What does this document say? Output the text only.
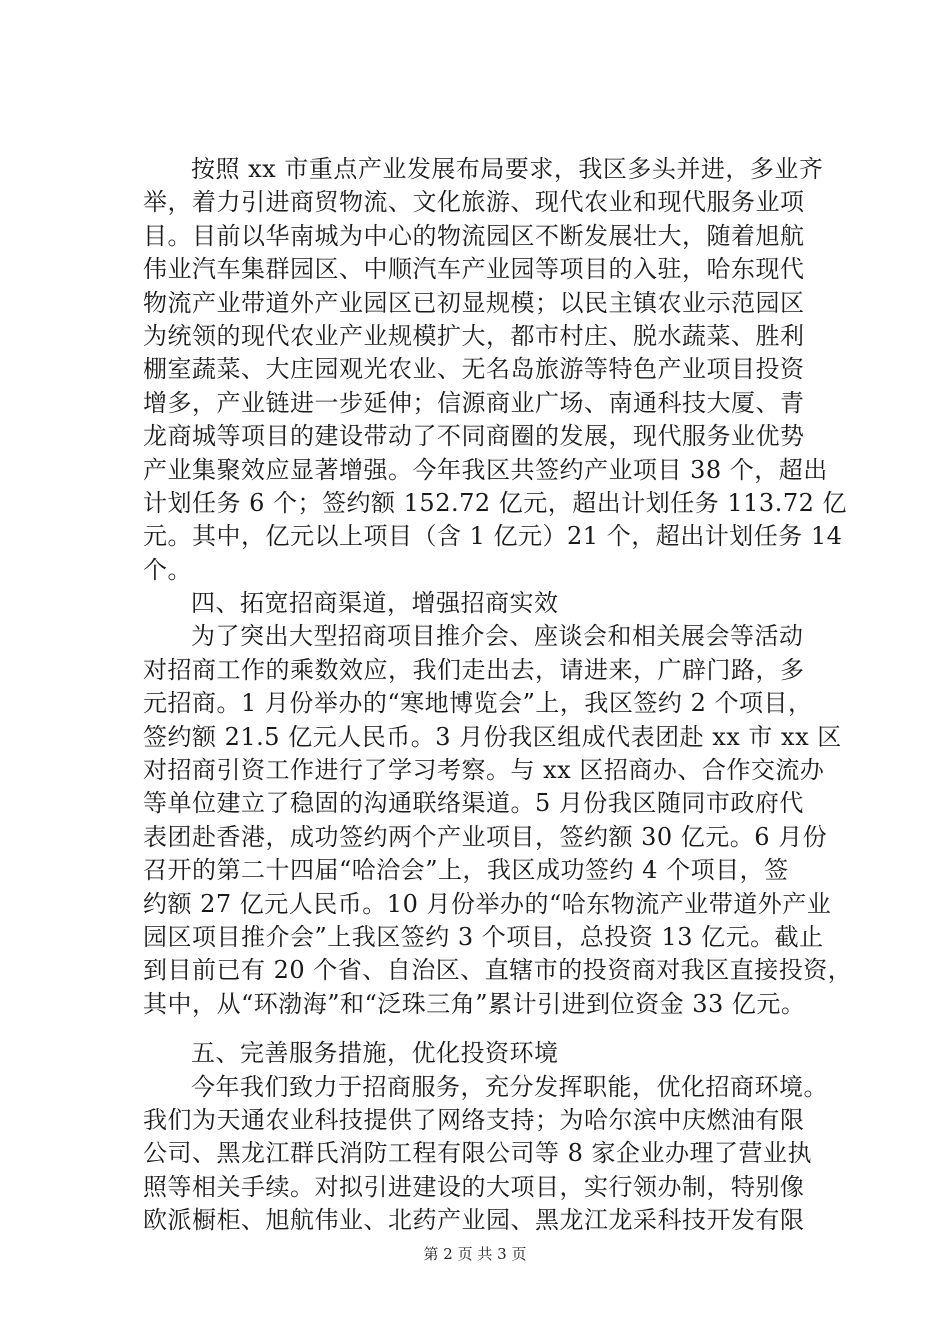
按照 xx 市重点产业发展布局要求，我区多头并进，多业齐
举，着力引进商贸物流、文化旅游、现代农业和现代服务业项
目。目前以华南城为中心的物流园区不断发展壮大，随着旭航
伟业汽车集群园区、中顺汽车产业园等项目的入驻，哈东现代
物流产业带道外产业园区已初显规模；以民主镇农业示范园区
为统领的现代农业产业规模扩大，都市村庄、脱水蔬菜、胜利
棚室蔬菜、大庄园观光农业、无名岛旅游等特色产业项目投资
增多，产业链进一步延伸；信源商业广场、南通科技大厦、青
龙商城等项目的建设带动了不同商圈的发展，现代服务业优势
产业集聚效应显著增强。今年我区共签约产业项目 38 个，超出
计划任务 6 个；签约额 152.72 亿元，超出计划任务 113.72 亿
元。其中，亿元以上项目（含 1 亿元）21 个，超出计划任务 14
个。
四、拓宽招商渠道，增强招商实效
为了突出大型招商项目推介会、座谈会和相关展会等活动
对招商工作的乘数效应，我们走出去，请进来，广辟门路，多
元招商。1 月份举办的“寒地博览会”上，我区签约 2 个项目，
签约额 21.5 亿元人民币。3 月份我区组成代表团赴 xx 市 xx 区
对招商引资工作进行了学习考察。与 xx 区招商办、合作交流办
等单位建立了稳固的沟通联络渠道。5 月份我区随同市政府代
表团赴香港，成功签约两个产业项目，签约额 30 亿元。6 月份
召开的第二十四届“哈洽会”上，我区成功签约 4 个项目，签
约额 27 亿元人民币。10 月份举办的“哈东物流产业带道外产业
园区项目推介会”上我区签约 3 个项目，总投资 13 亿元。截止
到目前已有 20 个省、自治区、直辖市的投资商对我区直接投资，
其中，从“环渤海”和“泛珠三角”累计引进到位资金 33 亿元。
五、完善服务措施，优化投资环境
今年我们致力于招商服务，充分发挥职能，优化招商环境。
我们为天通农业科技提供了网络支持；为哈尔滨中庆燃油有限
公司、黑龙江群氏消防工程有限公司等 8 家企业办理了营业执
照等相关手续。对拟引进建设的大项目，实行领办制，特别像
欧派橱柜、旭航伟业、北药产业园、黑龙江龙采科技开发有限
第 2 页 共 3 页
